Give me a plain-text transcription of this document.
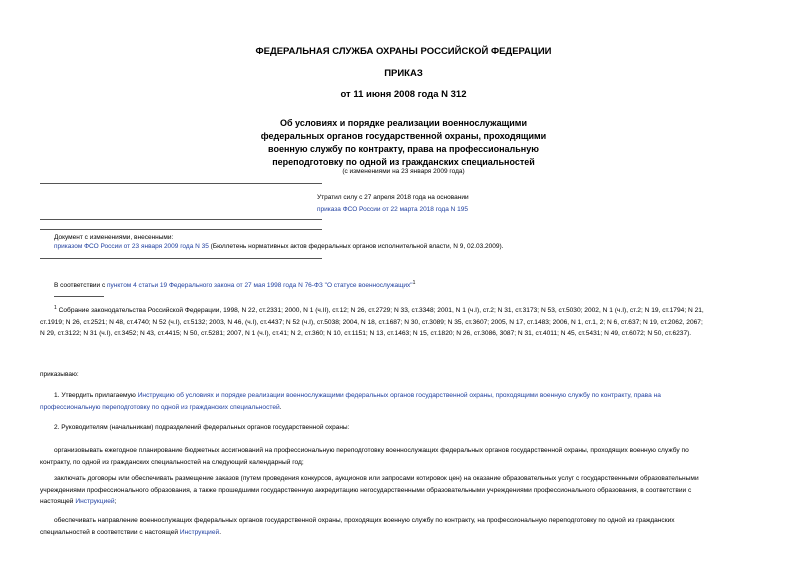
ФЕДЕРАЛЬНАЯ СЛУЖБА ОХРАНЫ РОССИЙСКОЙ ФЕДЕРАЦИИ
ПРИКАЗ
от 11 июня 2008 года N 312
Об условиях и порядке реализации военнослужащими
федеральных органов государственной охраны, проходящими
военную службу по контракту, права на профессиональную
переподготовку по одной из гражданских специальностей
(с изменениями на 23 января 2009 года)
Утратил силу с 27 апреля 2018 года на основании
приказа ФСО России от 22 марта 2018 года N 195
Документ с изменениями, внесенными:
приказом ФСО России от 23 января 2009 года N 35 (Бюллетень нормативных актов федеральных органов исполнительной власти, N 9, 02.03.2009).
В соответствии с пунктом 4 статьи 19 Федерального закона от 27 мая 1998 года N 76-ФЗ "О статусе военнослужащих"$^1$
$^1$ Собрание законодательства Российской Федерации, 1998, N 22, ст.2331; 2000, N 1 (ч.II), ст.12; N 26, ст.2729; N 33, ст.3348; 2001, N 1 (ч.I), ст.2; N 31, ст.3173; N 53, ст.5030; 2002, N 1 (ч.I), ст.2; N 19, ст.1794; N 21,
ст.1919; N 26, ст.2521; N 48, ст.4740; N 52 (ч.I), ст.5132; 2003, N 46, (ч.I), ст.4437; N 52 (ч.I), ст.5038; 2004, N 18, ст.1687; N 30, ст.3089; N 35, ст.3607; 2005, N 17, ст.1483; 2006, N 1, ст.1, 2; N 6, ст.637; N 19, ст.2062, 2067;
N 29, ст.3122; N 31 (ч.I), ст.3452; N 43, ст.4415; N 50, ст.5281; 2007, N 1 (ч.I), ст.41; N 2, ст.360; N 10, ст.1151; N 13, ст.1463; N 15, ст.1820; N 26, ст.3086, 3087; N 31, ст.4011; N 45, ст.5431; N 49, ст.6072; N 50, ст.6237).
приказываю:
1. Утвердить прилагаемую Инструкцию об условиях и порядке реализации военнослужащими федеральных органов государственной охраны, проходящими военную службу по контракту, права на
профессиональную переподготовку по одной из гражданских специальностей.
2. Руководителям (начальникам) подразделений федеральных органов государственной охраны:
организовывать ежегодное планирование бюджетных ассигнований на профессиональную переподготовку военнослужащих федеральных органов государственной охраны, проходящих военную службу по
контракту, по одной из гражданских специальностей на следующий календарный год;
заключать договоры или обеспечивать размещение заказов (путем проведения конкурсов, аукционов или запросами котировок цен) на оказание образовательных услуг с государственными образовательными
учреждениями профессионального образования, а также прошедшими государственную аккредитацию негосударственными образовательными учреждениями профессионального образования, в соответствии с
настоящей Инструкцией;
обеспечивать направление военнослужащих федеральных органов государственной охраны, проходящих военную службу по контракту, на профессиональную переподготовку по одной из гражданских
специальностей в соответствии с настоящей Инструкцией.
